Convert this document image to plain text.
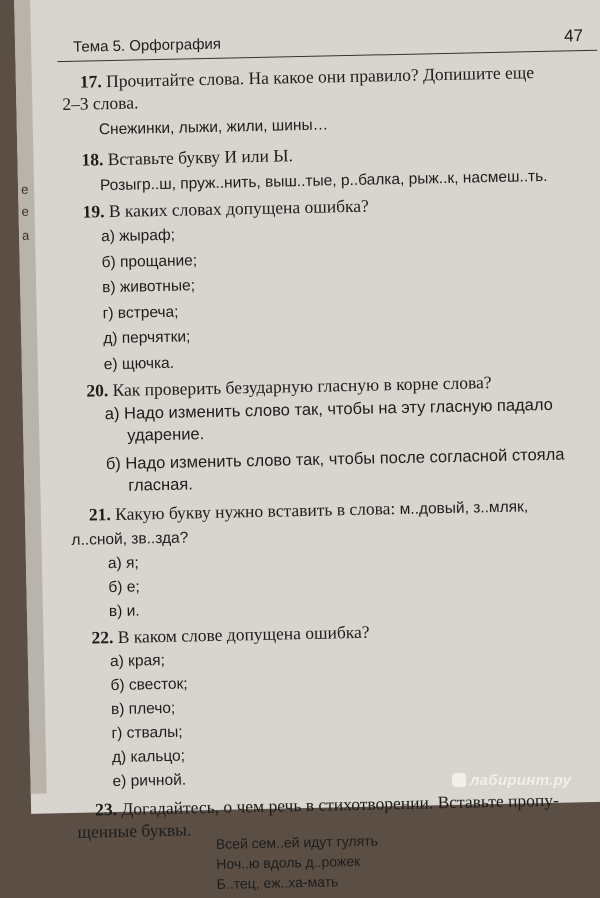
е
е
а
Тема 5. Орфография	47

17. Прочитайте слова. На какое они правило? Допишите еще

2–3 слова.

Снежинки, лыжи, жили, шины…

18. Вставьте букву И или Ы.

Розыгр..ш, пруж..нить, выш..тые, р..балка, рыж..к, насмеш..ть.

19. В каких словах допущена ошибка?

а) жыраф;
б) прощание;
в) животные;
г) встреча;
д) перчятки;
е) щючка.

20. Как проверить безударную гласную в корне слова?

а) Надо изменить слово так, чтобы на эту гласную падало
ударение.
б) Надо изменить слово так, чтобы после согласной стояла
гласная.

21. Какую букву нужно вставить в слова: м..довый, з..мляк,

л..сной, зв..зда?
а) я;
б) е;
в) и.

22. В каком слове допущена ошибка?

а) края;
б) свесток;
в) плечо;
г) ствалы;
д) кальцо;
е) ричной.

23. Догадайтесь, о чем речь в стихотворении. Вставьте пропу-

щенные буквы.

Всей сем..ей идут гулять
Ноч..ю вдоль д..рожек
Б..тец, еж..ха-мать
лабиринт.ру
